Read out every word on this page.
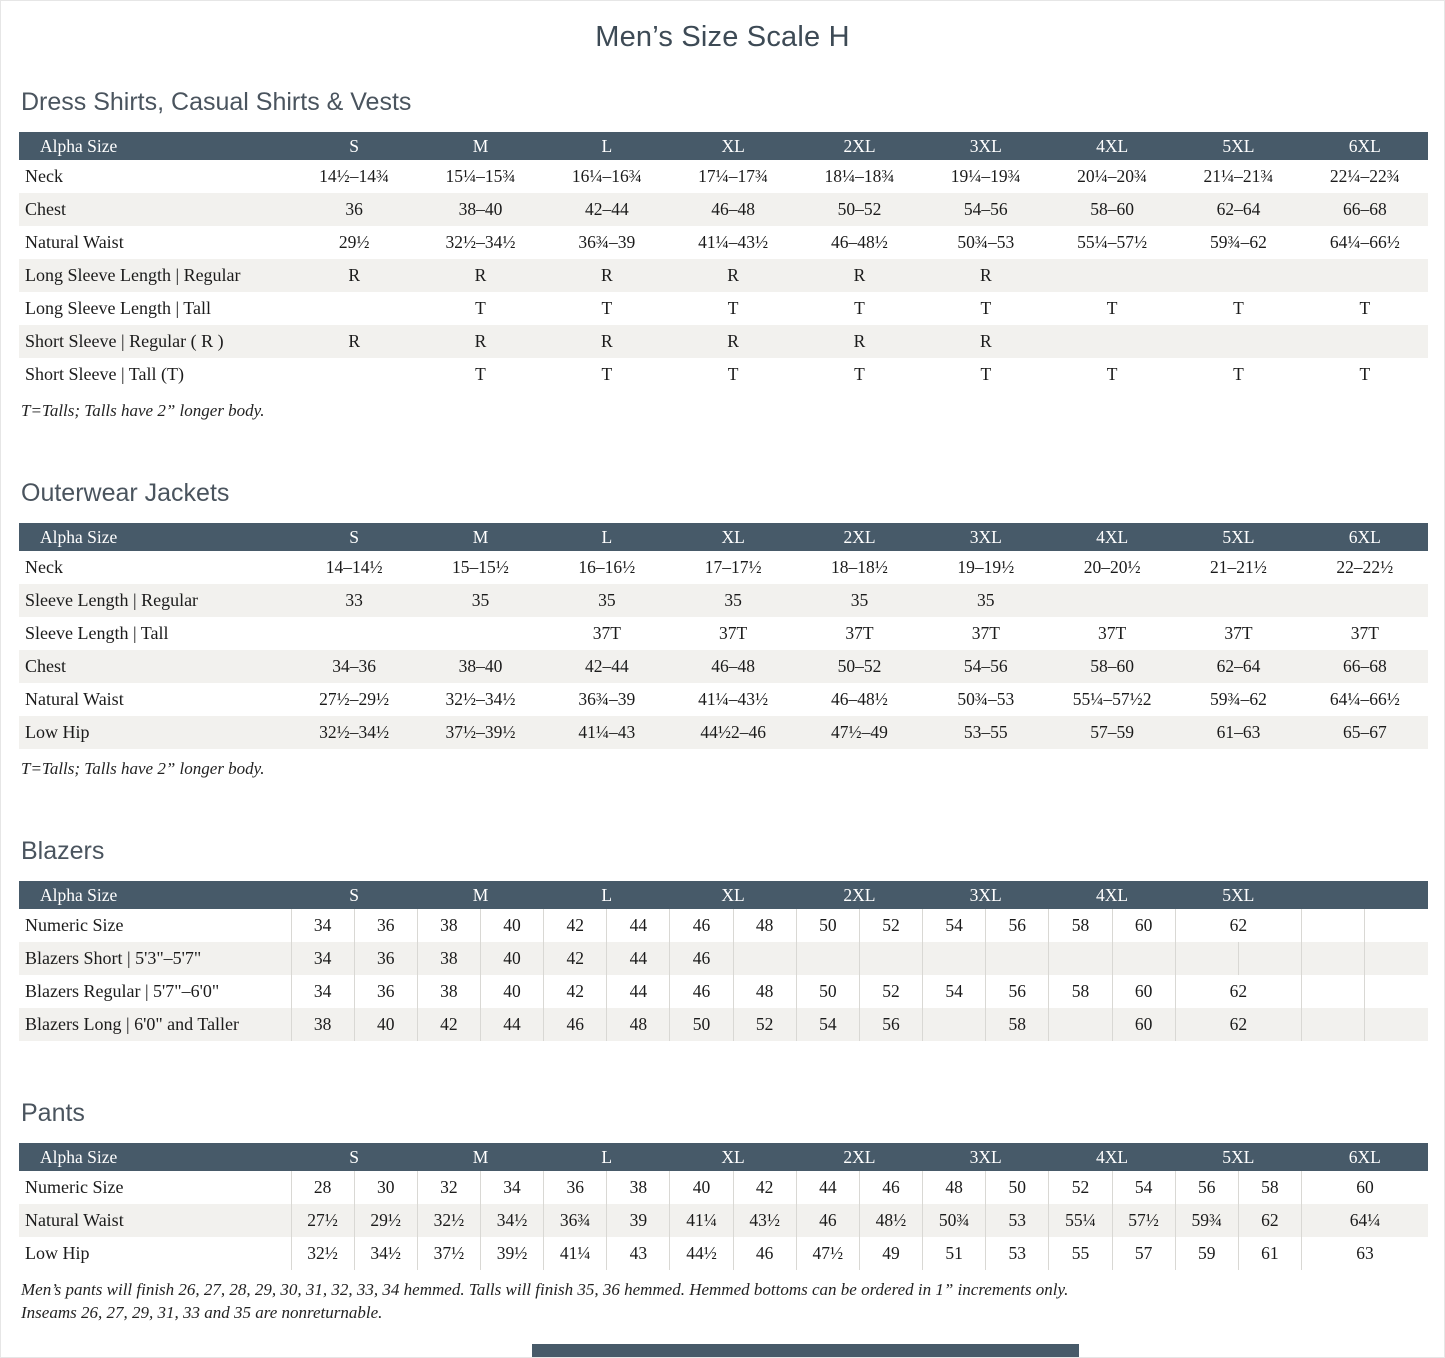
Men’s Size Scale H
Dress Shirts, Casual Shirts & Vests
Alpha Size	S	M	L	XL	2XL	3XL	4XL	5XL	6XL
Neck	14½–14¾	15¼–15¾	16¼–16¾	17¼–17¾	18¼–18¾	19¼–19¾	20¼–20¾	21¼–21¾	22¼–22¾
Chest	36	38–40	42–44	46–48	50–52	54–56	58–60	62–64	66–68
Natural Waist	29½	32½–34½	36¾–39	41¼–43½	46–48½	50¾–53	55¼–57½	59¾–62	64¼–66½
Long Sleeve Length | Regular	R	R	R	R	R	R			
Long Sleeve Length | Tall		T	T	T	T	T	T	T	T
Short Sleeve | Regular ( R )	R	R	R	R	R	R			
Short Sleeve | Tall (T)		T	T	T	T	T	T	T	T

T=Talls; Talls have 2” longer body.

Outerwear Jackets
Alpha Size	S	M	L	XL	2XL	3XL	4XL	5XL	6XL
Neck	14–14½	15–15½	16–16½	17–17½	18–18½	19–19½	20–20½	21–21½	22–22½
Sleeve Length | Regular	33	35	35	35	35	35			
Sleeve Length | Tall			37T	37T	37T	37T	37T	37T	37T
Chest	34–36	38–40	42–44	46–48	50–52	54–56	58–60	62–64	66–68
Natural Waist	27½–29½	32½–34½	36¾–39	41¼–43½	46–48½	50¾–53	55¼–57½2	59¾–62	64¼–66½
Low Hip	32½–34½	37½–39½	41¼–43	44½2–46	47½–49	53–55	57–59	61–63	65–67

T=Talls; Talls have 2” longer body.

Blazers
Alpha Size	S		M		L		XL		2XL		3XL		4XL		5XL			
Numeric Size	34	36	38	40	42	44	46	48	50	52	54	56	58	60	62			
Blazers Short | 5'3"–5'7"	34	36	38	40	42	44	46											
Blazers Regular | 5'7"–6'0"	34	36	38	40	42	44	46	48	50	52	54	56	58	60	62			
Blazers Long | 6'0" and Taller	38	40	42	44	46	48	50	52	54	56		58		60	62			
Pants
Alpha Size	S		M		L		XL		2XL		3XL		4XL		5XL		6XL
Numeric Size	28	30	32	34	36	38	40	42	44	46	48	50	52	54	56	58	60
Natural Waist	27½	29½	32½	34½	36¾	39	41¼	43½	46	48½	50¾	53	55¼	57½	59¾	62	64¼
Low Hip	32½	34½	37½	39½	41¼	43	44½	46	47½	49	51	53	55	57	59	61	63

Men’s pants will finish 26, 27, 28, 29, 30, 31, 32, 33, 34 hemmed. Talls will finish 35, 36 hemmed. Hemmed bottoms can be ordered in 1” increments only.

Inseams 26, 27, 29, 31, 33 and 35 are nonreturnable.
